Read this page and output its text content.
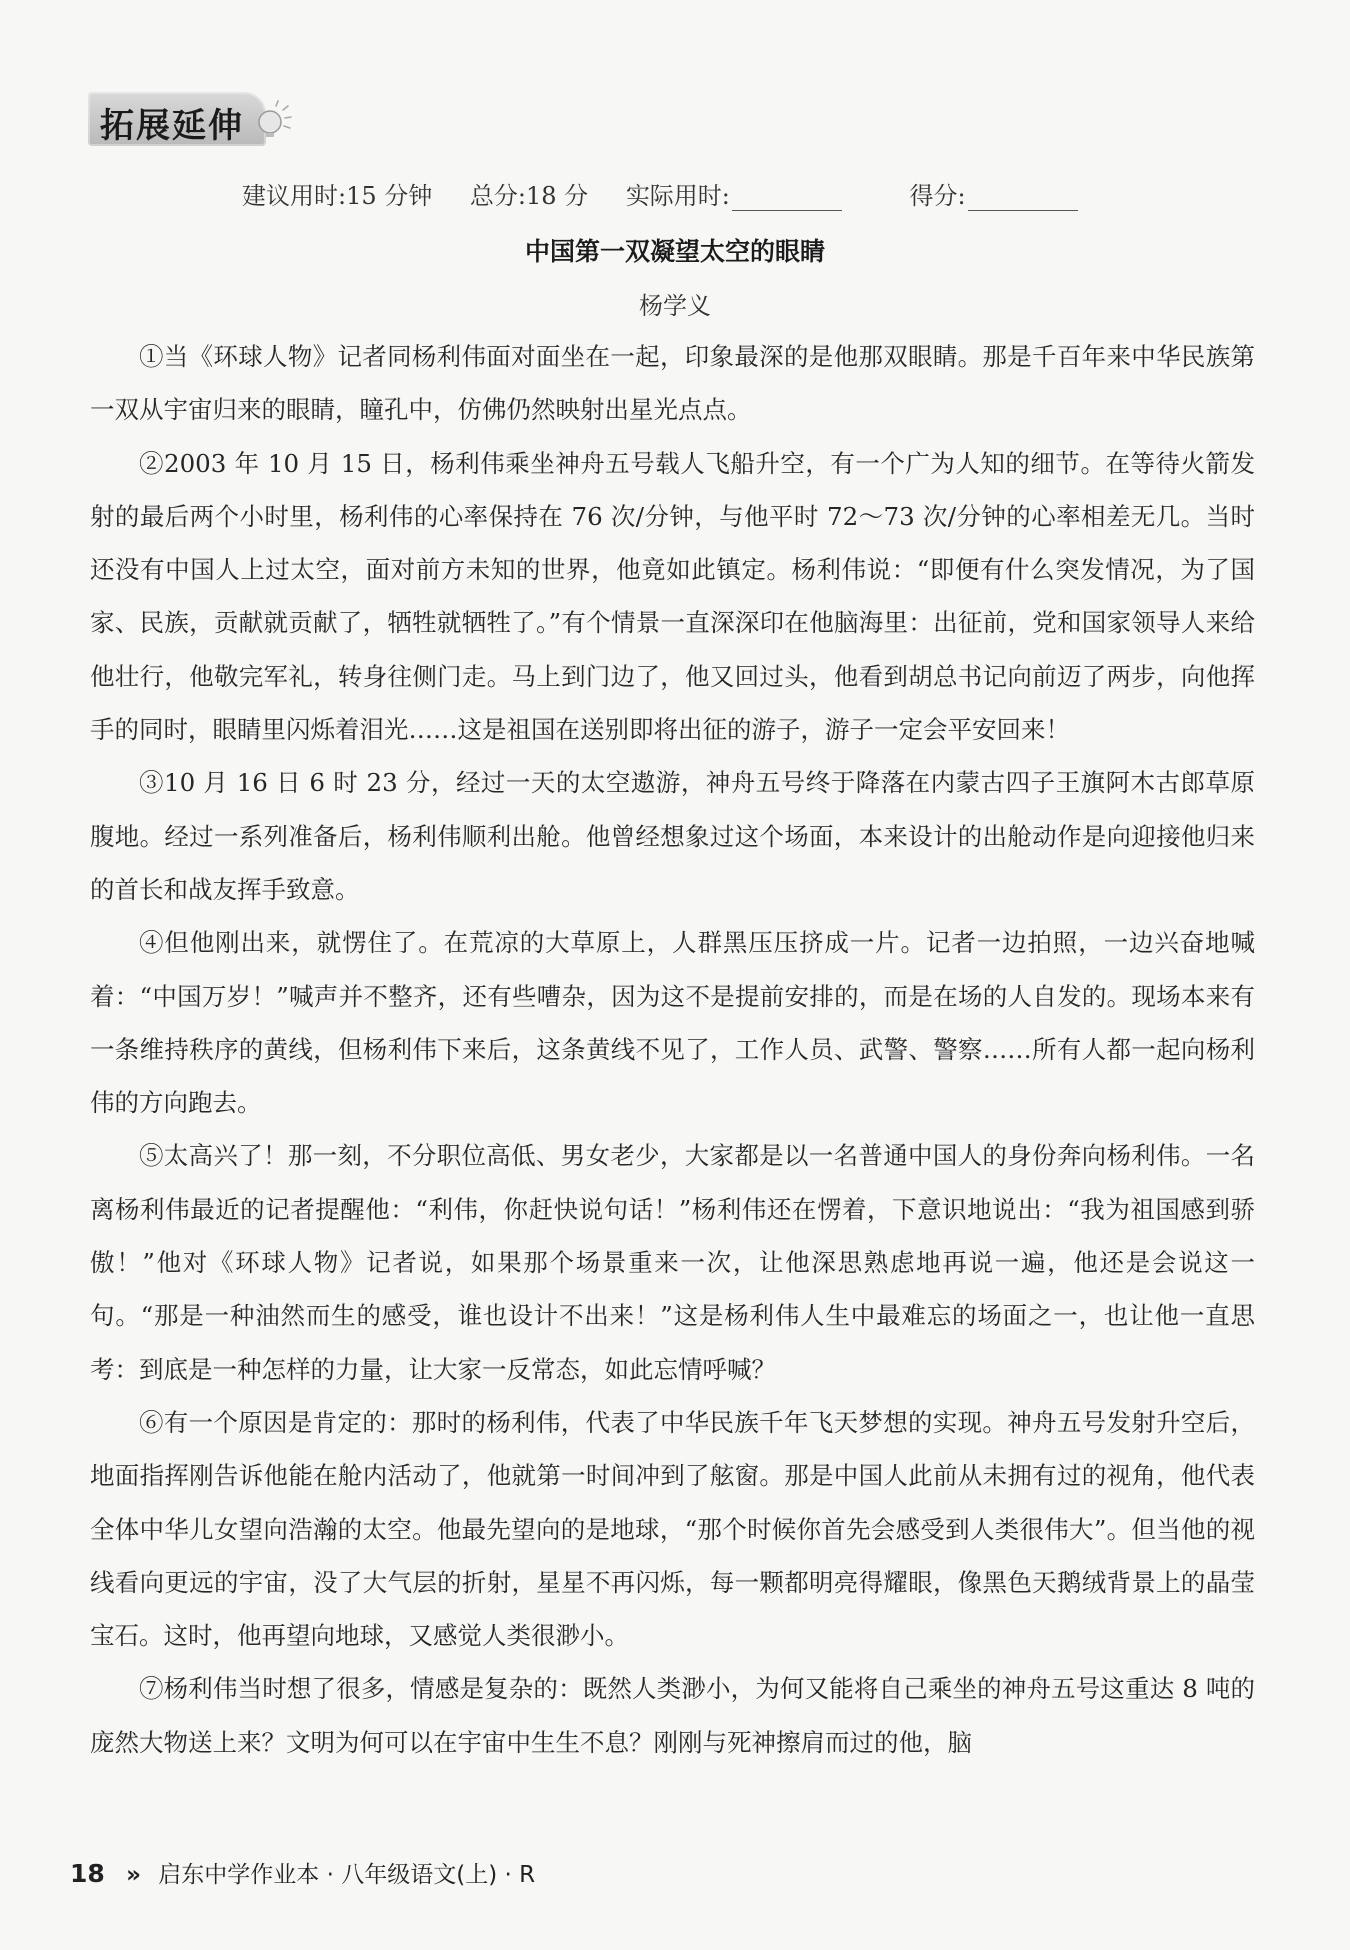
拓展延伸
建议用时:15 分钟 总分:18 分 实际用时:	得分:
中国第一双凝望太空的眼睛
杨学义

①当《环球人物》记者同杨利伟面对面坐在一起，印象最深的是他那双眼睛。那是千百年来中华民族第一双从宇宙归来的眼睛，瞳孔中，仿佛仍然映射出星光点点。

②2003 年 10 月 15 日，杨利伟乘坐神舟五号载人飞船升空，有一个广为人知的细节。在等待火箭发射的最后两个小时里，杨利伟的心率保持在 76 次/分钟，与他平时 72～73 次/分钟的心率相差无几。当时还没有中国人上过太空，面对前方未知的世界，他竟如此镇定。杨利伟说：“即便有什么突发情况，为了国家、民族，贡献就贡献了，牺牲就牺牲了。”有个情景一直深深印在他脑海里：出征前，党和国家领导人来给他壮行，他敬完军礼，转身往侧门走。马上到门边了，他又回过头，他看到胡总书记向前迈了两步，向他挥手的同时，眼睛里闪烁着泪光……这是祖国在送别即将出征的游子，游子一定会平安回来！

③10 月 16 日 6 时 23 分，经过一天的太空遨游，神舟五号终于降落在内蒙古四子王旗阿木古郎草原腹地。经过一系列准备后，杨利伟顺利出舱。他曾经想象过这个场面，本来设计的出舱动作是向迎接他归来的首长和战友挥手致意。

④但他刚出来，就愣住了。在荒凉的大草原上，人群黑压压挤成一片。记者一边拍照，一边兴奋地喊着：“中国万岁！”喊声并不整齐，还有些嘈杂，因为这不是提前安排的，而是在场的人自发的。现场本来有一条维持秩序的黄线，但杨利伟下来后，这条黄线不见了，工作人员、武警、警察……所有人都一起向杨利伟的方向跑去。

⑤太高兴了！那一刻，不分职位高低、男女老少，大家都是以一名普通中国人的身份奔向杨利伟。一名离杨利伟最近的记者提醒他：“利伟，你赶快说句话！”杨利伟还在愣着，下意识地说出：“我为祖国感到骄傲！”他对《环球人物》记者说，如果那个场景重来一次，让他深思熟虑地再说一遍，他还是会说这一句。“那是一种油然而生的感受，谁也设计不出来！”这是杨利伟人生中最难忘的场面之一，也让他一直思考：到底是一种怎样的力量，让大家一反常态，如此忘情呼喊？

⑥有一个原因是肯定的：那时的杨利伟，代表了中华民族千年飞天梦想的实现。神舟五号发射升空后，地面指挥刚告诉他能在舱内活动了，他就第一时间冲到了舷窗。那是中国人此前从未拥有过的视角，他代表全体中华儿女望向浩瀚的太空。他最先望向的是地球，“那个时候你首先会感受到人类很伟大”。但当他的视线看向更远的宇宙，没了大气层的折射，星星不再闪烁，每一颗都明亮得耀眼，像黑色天鹅绒背景上的晶莹宝石。这时，他再望向地球，又感觉人类很渺小。

⑦杨利伟当时想了很多，情感是复杂的：既然人类渺小，为何又能将自己乘坐的神舟五号这重达 8 吨的庞然大物送上来？文明为何可以在宇宙中生生不息？刚刚与死神擦肩而过的他，脑

18 » 启东中学作业本 · 八年级语文(上) · R
